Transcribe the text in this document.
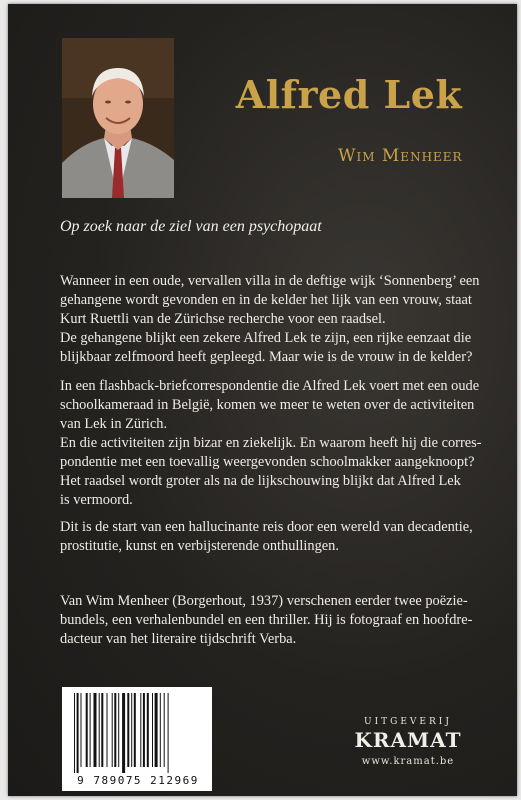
Alfred Lek
Wim Menheer
Op zoek naar de ziel van een psychopaat

Wanneer in een oude, vervallen villa in de deftige wijk ‘Sonnenberg’ een

gehangene wordt gevonden en in de kelder het lijk van een vrouw, staat

Kurt Ruettli van de Zürichse recherche voor een raadsel.

De gehangene blijkt een zekere Alfred Lek te zijn, een rijke eenzaat die

blijkbaar zelfmoord heeft gepleegd. Maar wie is de vrouw in de kelder?

In een flashback-briefcorrespondentie die Alfred Lek voert met een oude

schoolkameraad in België, komen we meer te weten over de activiteiten

van Lek in Zürich.

En die activiteiten zijn bizar en ziekelijk. En waarom heeft hij die corres-

pondentie met een toevallig weergevonden schoolmakker aangeknoopt?

Het raadsel wordt groter als na de lijkschouwing blijkt dat Alfred Lek

is vermoord.

Dit is de start van een hallucinante reis door een wereld van decadentie,

prostitutie, kunst en verbijsterende onthullingen.

Van Wim Menheer (Borgerhout, 1937) verschenen eerder twee poëzie-

bundels, een verhalenbundel en een thriller. Hij is fotograaf en hoofdre-

dacteur van het literaire tijdschrift Verba.

9 789075 212969
UITGEVERIJ
KRAMAT
www.kramat.be
